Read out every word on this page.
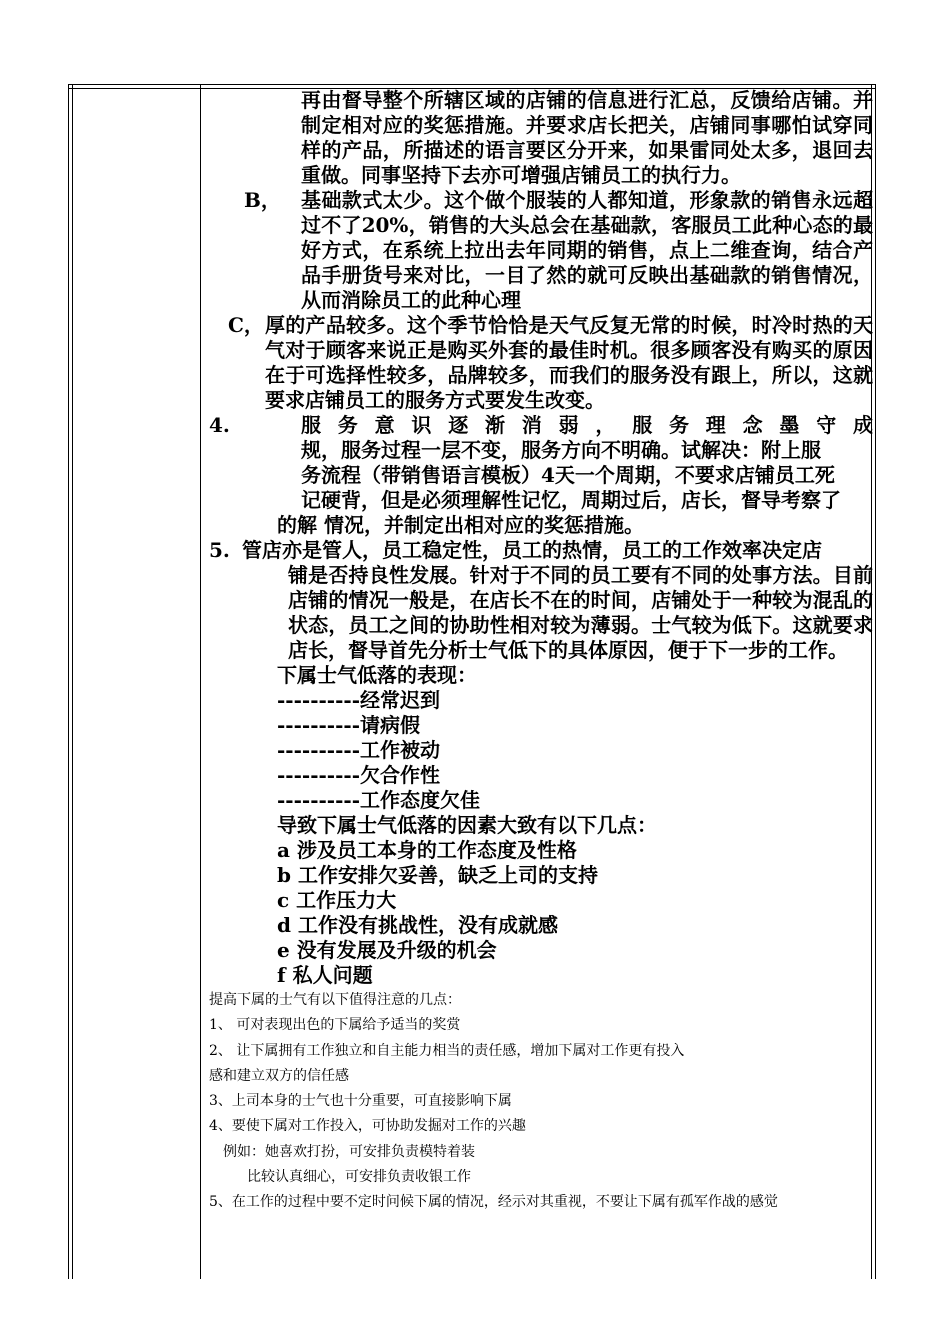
再由督导整个所辖区域的店铺的信息进行汇总，反馈给店铺。并制定相对应的奖惩措施。并要求店长把关，店铺同事哪怕试穿同样的产品，所描述的语言要区分开来，如果雷同处太多，退回去重做。同事坚持下去亦可增强店铺员工的执行力。

B，	基础款式太少。这个做个服装的人都知道，形象款的销售永远超过不了20%，销售的大头总会在基础款，客服员工此种心态的最好方式，在系统上拉出去年同期的销售，点上二维查询，结合产品手册货号来对比，一目了然的就可反映出基础款的销售情况，从而消除员工的此种心理
C， 厚的产品较多。这个季节恰恰是天气反复无常的时候，时冷时热的天气对于顾客来说正是购买外套的最佳时机。很多顾客没有购买的原因在于可选择性较多，品牌较多，而我们的服务没有跟上，所以，这就要求店铺员工的服务方式要发生改变。
4.	服 务 意 识 逐 渐 消 弱 ， 服 务 理 念 墨 守 成

规，服务过程一层不变，服务方向不明确。试解决：附上服

务流程（带销售语言模板）4天一个周期，不要求店铺员工死

记硬背，但是必须理解性记忆，周期过后，店长，督导考察了

的解 情况，并制定出相对应的奖惩措施。

5. 管店亦是管人，员工稳定性，员工的热情，员工的工作效率决定店

铺是否持良性发展。针对于不同的员工要有不同的处事方法。目前店铺的情况一般是，在店长不在的时间，店铺处于一种较为混乱的状态，员工之间的协助性相对较为薄弱。士气较为低下。这就要求店长，督导首先分析士气低下的具体原因，便于下一步的工作。

下属士气低落的表现：

----------经常迟到

----------请病假

----------工作被动

----------欠合作性

----------工作态度欠佳

导致下属士气低落的因素大致有以下几点：

a 涉及员工本身的工作态度及性格

b 工作安排欠妥善，缺乏上司的支持

c 工作压力大

d 工作没有挑战性，没有成就感

e 没有发展及升级的机会

f 私人问题

提高下属的士气有以下值得注意的几点：

1、 可对表现出色的下属给予适当的奖赏

2、 让下属拥有工作独立和自主能力相当的责任感，增加下属对工作更有投入

感和建立双方的信任感

3、上司本身的士气也十分重要，可直接影响下属

4、要使下属对工作投入，可协助发掘对工作的兴趣

例如：她喜欢打扮，可安排负责模特着装

比较认真细心，可安排负责收银工作

5、在工作的过程中要不定时问候下属的情况，经示对其重视，不要让下属有孤军作战的感觉
